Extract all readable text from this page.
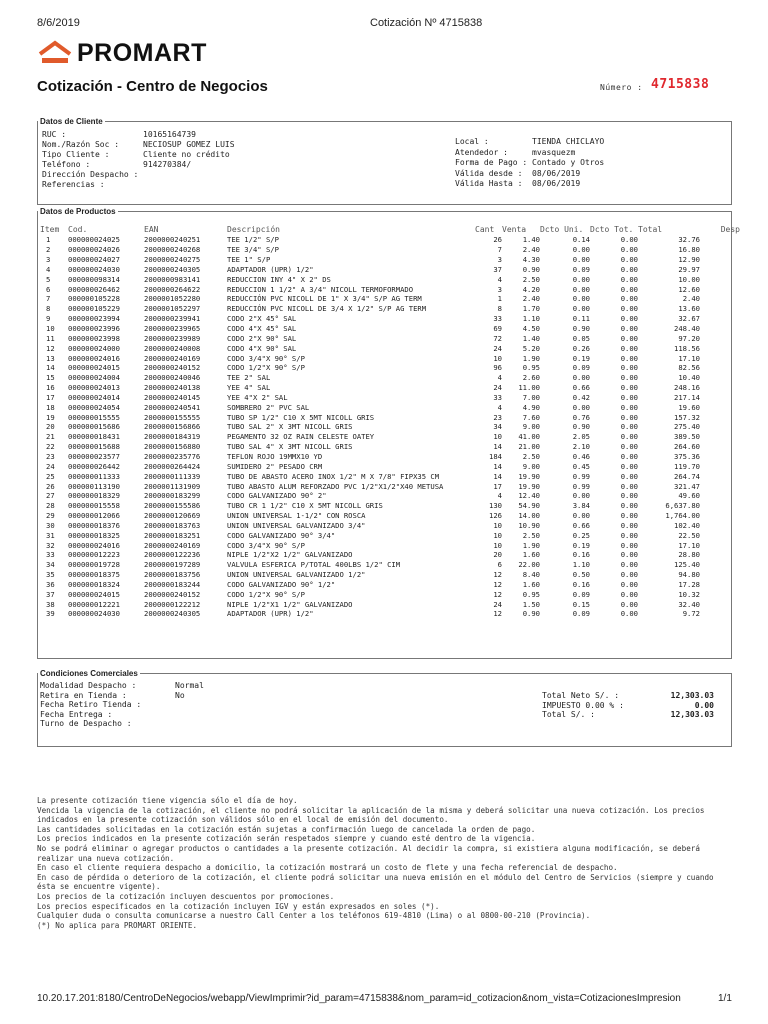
8/6/2019	Cotización Nº 4715838
PROMART
Cotización - Centro de Negocios	Número : 4715838
Datos de Cliente
RUC :	10165164739
Nom./Razón Soc :	NECIOSUP GOMEZ LUIS
Tipo Cliente :	Cliente no crédito
Teléfono :	914270384/
Dirección Despacho :
Referencias :
Local :	TIENDA CHICLAYO
Atendedor :	mvasquezm
Forma de Pago : Contado y Otros
Válida desde : 08/06/2019
Válida Hasta : 08/06/2019
Datos de Productos
Item	Cod.	EAN	Descripción	Cant	Venta	Dcto Uni.	Dcto Tot.	Total	Desp
1	000000024025	2000000240251	TEE 1/2" S/P	26	1.40	0.14	0.00	32.76	
2	000000024026	2000000240268	TEE 3/4" S/P	7	2.40	0.00	0.00	16.80	
3	000000024027	2000000240275	TEE 1" S/P	3	4.30	0.00	0.00	12.90	
4	000000024030	2000000240305	ADAPTADOR (UPR) 1/2"	37	0.90	0.09	0.00	29.97	
5	000000098314	2000000983141	REDUCCION INY 4" X 2" DS	4	2.50	0.00	0.00	10.00	
6	000000026462	2000000264622	REDUCCION 1 1/2" A 3/4" NICOLL TERMOFORMADO	3	4.20	0.00	0.00	12.60	
7	000000105228	2000001052280	REDUCCIÓN PVC NICOLL DE 1" X 3/4" S/P AG TERM	1	2.40	0.00	0.00	2.40	
8	000000105229	2000001052297	REDUCCIÓN PVC NICOLL DE 3/4 X 1/2" S/P AG TERM	8	1.70	0.00	0.00	13.60	
9	000000023994	2000000239941	CODO 2"X 45° SAL	33	1.10	0.11	0.00	32.67	
10	000000023996	2000000239965	CODO 4"X 45° SAL	69	4.50	0.90	0.00	248.40	
11	000000023998	2000000239989	CODO 2"X 90° SAL	72	1.40	0.05	0.00	97.20	
12	000000024000	2000000240008	CODO 4"X 90° SAL	24	5.20	0.26	0.00	118.56	
13	000000024016	2000000240169	CODO 3/4"X 90° S/P	10	1.90	0.19	0.00	17.10	
14	000000024015	2000000240152	CODO 1/2"X 90° S/P	96	0.95	0.09	0.00	82.56	
15	000000024004	2000000240046	TEE 2" SAL	4	2.60	0.00	0.00	10.40	
16	000000024013	2000000240138	YEE 4" SAL	24	11.00	0.66	0.00	248.16	
17	000000024014	2000000240145	YEE 4"X 2" SAL	33	7.00	0.42	0.00	217.14	
18	000000024054	2000000240541	SOMBRERO 2" PVC SAL	4	4.90	0.00	0.00	19.60	
19	000000015555	2000000155555	TUBO SP 1/2" C10 X 5MT NICOLL GRIS	23	7.60	0.76	0.00	157.32	
20	000000015686	2000000156866	TUBO SAL 2" X 3MT NICOLL GRIS	34	9.00	0.90	0.00	275.40	
21	000000018431	2000000184319	PEGAMENTO 32 OZ RAIN CELESTE OATEY	10	41.00	2.05	0.00	389.50	
22	000000015688	2000000156880	TUBO SAL 4" X 3MT NICOLL GRIS	14	21.00	2.10	0.00	264.60	
23	000000023577	2000000235776	TEFLON ROJO 19MMX10 YD	184	2.50	0.46	0.00	375.36	
24	000000026442	2000000264424	SUMIDERO 2" PESADO CRM	14	9.00	0.45	0.00	119.70	
25	000000011333	2000000111339	TUBO DE ABASTO ACERO INOX 1/2" M X 7/8" FIPX35 CM	14	19.90	0.99	0.00	264.74	
26	000000113190	2000001131909	TUBO ABASTO ALUM REFORZADO PVC 1/2"X1/2"X40 METUSA	17	19.90	0.99	0.00	321.47	
27	000000018329	2000000183299	CODO GALVANIZADO 90° 2"	4	12.40	0.00	0.00	49.60	
28	000000015558	2000000155586	TUBO CR 1 1/2" C10 X 5MT NICOLL GRIS	130	54.90	3.84	0.00	6,637.80	
29	000000012066	2000000120669	UNION UNIVERSAL 1-1/2" CON ROSCA	126	14.00	0.00	0.00	1,764.00	
30	000000018376	2000000183763	UNION UNIVERSAL GALVANIZADO 3/4"	10	10.90	0.66	0.00	102.40	
31	000000018325	2000000183251	CODO GALVANIZADO 90° 3/4"	10	2.50	0.25	0.00	22.50	
32	000000024016	2000000240169	CODO 3/4"X 90° S/P	10	1.90	0.19	0.00	17.10	
33	000000012223	2000000122236	NIPLE 1/2"X2 1/2" GALVANIZADO	20	1.60	0.16	0.00	28.80	
34	000000019728	2000000197289	VALVULA ESFERICA P/TOTAL 400LBS 1/2" CIM	6	22.00	1.10	0.00	125.40	
35	000000018375	2000000183756	UNION UNIVERSAL GALVANIZADO 1/2"	12	8.40	0.50	0.00	94.80	
36	000000018324	2000000183244	CODO GALVANIZADO 90° 1/2"	12	1.60	0.16	0.00	17.28	
37	000000024015	2000000240152	CODO 1/2"X 90° S/P	12	0.95	0.09	0.00	10.32	
38	000000012221	2000000122212	NIPLE 1/2"X1 1/2" GALVANIZADO	24	1.50	0.15	0.00	32.40	
39	000000024030	2000000240305	ADAPTADOR (UPR) 1/2"	12	0.90	0.09	0.00	9.72	
Condiciones Comerciales
Modalidad Despacho :	Normal
Retira en Tienda :	No
Fecha Retiro Tienda :
Fecha Entrega :
Turno de Despacho :
Total Neto S/. :	12,303.03
IMPUESTO 0.00 % :	0.00
Total S/. :	12,303.03
La presente cotización tiene vigencia sólo el día de hoy.
Vencida la vigencia de la cotización, el cliente no podrá solicitar la aplicación de la misma y deberá solicitar una nueva cotización. Los precios indicados en la presente cotización son válidos sólo en el local de emisión del documento.
Las cantidades solicitadas en la cotización están sujetas a confirmación luego de cancelada la orden de pago.
Los precios indicados en la presente cotización serán respetados siempre y cuando esté dentro de la vigencia.
No se podrá eliminar o agregar productos o cantidades a la presente cotización. Al decidir la compra, si existiera alguna modificación, se deberá realizar una nueva cotización.
En caso el cliente requiera despacho a domicilio, la cotización mostrará un costo de flete y una fecha referencial de despacho.
En caso de pérdida o deterioro de la cotización, el cliente podrá solicitar una nueva emisión en el módulo del Centro de Servicios (siempre y cuando ésta se encuentre vigente).
Los precios de la cotización incluyen descuentos por promociones.
Los precios especificados en la cotización incluyen IGV y están expresados en soles (*).
Cualquier duda o consulta comunicarse a nuestro Call Center a los teléfonos 619-4810 (Lima) o al 0800-00-210 (Provincia).
(*) No aplica para PROMART ORIENTE.
10.20.17.201:8180/CentroDeNegocios/webapp/ViewImprimir?id_param=4715838&nom_param=id_cotizacion&nom_vista=CotizacionesImpresion	1/1
